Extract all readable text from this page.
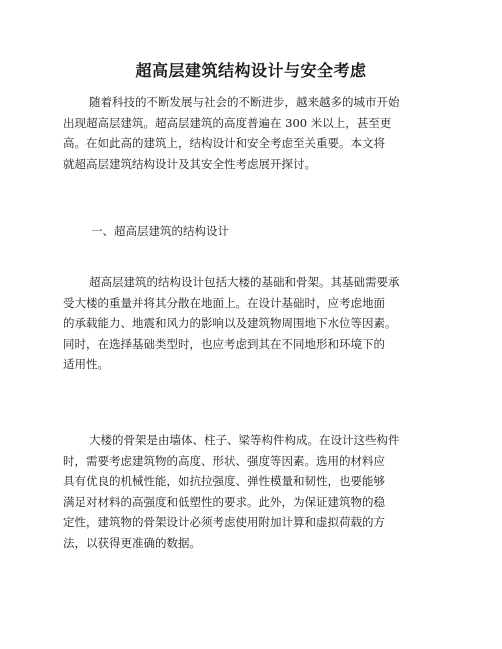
超高层建筑结构设计与安全考虑
随着科技的不断发展与社会的不断进步，越来越多的城市开始
出现超高层建筑。超高层建筑的高度普遍在 300 米以上，甚至更
高。在如此高的建筑上，结构设计和安全考虑至关重要。本文将
就超高层建筑结构设计及其安全性考虑展开探讨。
一、超高层建筑的结构设计
超高层建筑的结构设计包括大楼的基础和骨架。其基础需要承
受大楼的重量并将其分散在地面上。在设计基础时，应考虑地面
的承载能力、地震和风力的影响以及建筑物周围地下水位等因素。
同时，在选择基础类型时，也应考虑到其在不同地形和环境下的
适用性。
大楼的骨架是由墙体、柱子、梁等构件构成。在设计这些构件
时，需要考虑建筑物的高度、形状、强度等因素。选用的材料应
具有优良的机械性能，如抗拉强度、弹性模量和韧性，也要能够
满足对材料的高强度和低塑性的要求。此外，为保证建筑物的稳
定性，建筑物的骨架设计必须考虑使用附加计算和虚拟荷载的方
法，以获得更准确的数据。
